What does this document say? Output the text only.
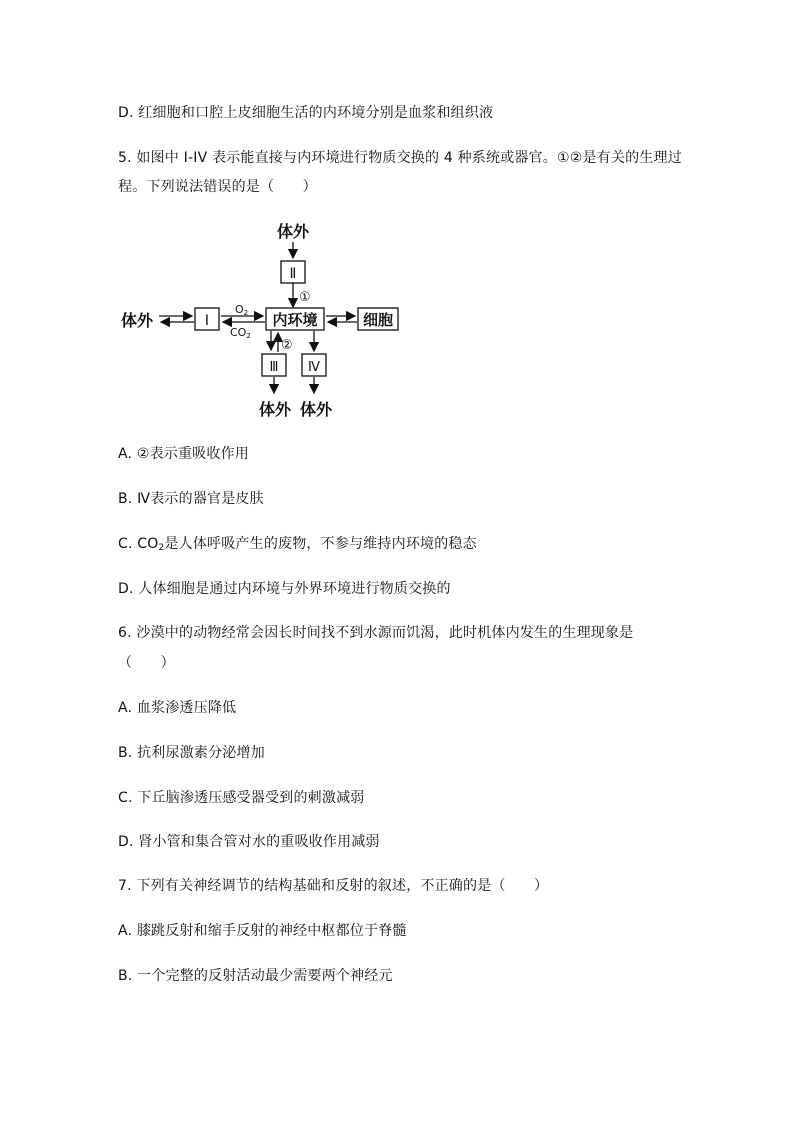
D. 红细胞和口腔上皮细胞生活的内环境分别是血浆和组织液
5. 如图中 I-IV 表示能直接与内环境进行物质交换的 4 种系统或器官。①②是有关的生理过
程。下列说法错误的是（　　）
体外
Ⅱ
①
体外	Ⅰ
O2
CO2
内环境	细胞
②
Ⅲ Ⅳ
体外 体外
A. ②表示重吸收作用
B. Ⅳ表示的器官是皮肤
C. $CO_2$是人体呼吸产生的废物，不参与维持内环境的稳态
D. 人体细胞是通过内环境与外界环境进行物质交换的
6. 沙漠中的动物经常会因长时间找不到水源而饥渴，此时机体内发生的生理现象是
（　　）
A. 血浆渗透压降低
B. 抗利尿激素分泌增加
C. 下丘脑渗透压感受器受到的刺激减弱
D. 肾小管和集合管对水的重吸收作用减弱
7. 下列有关神经调节的结构基础和反射的叙述，不正确的是（　　）
A. 膝跳反射和缩手反射的神经中枢都位于脊髓
B. 一个完整的反射活动最少需要两个神经元
